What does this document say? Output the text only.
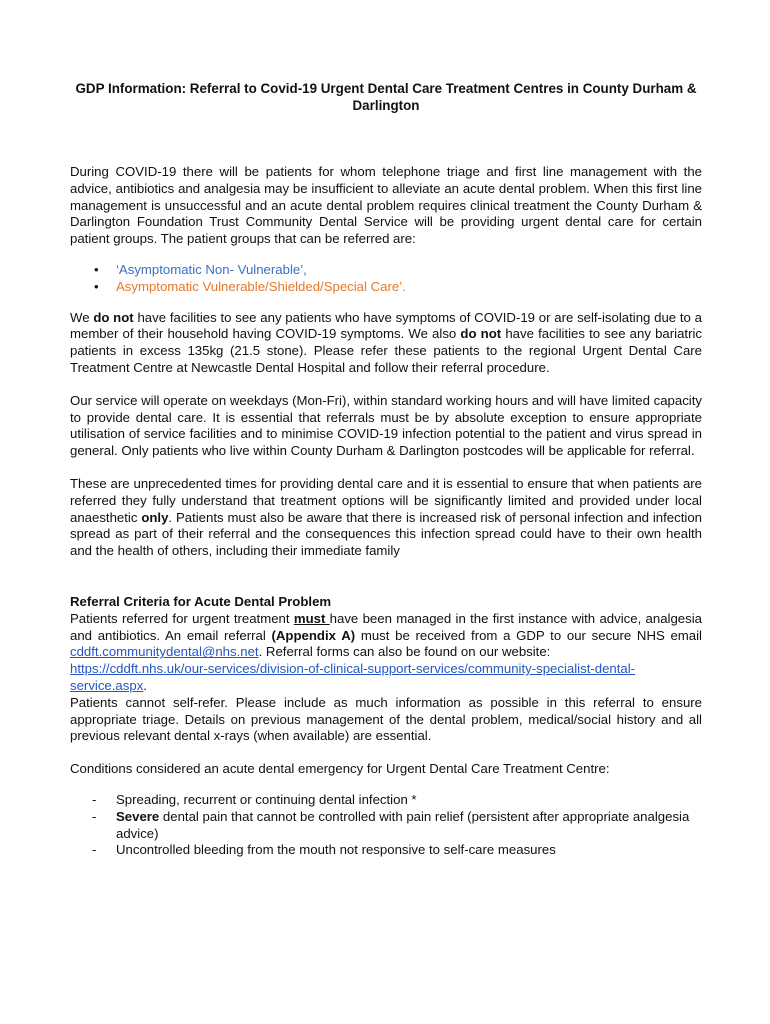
GDP Information: Referral to Covid-19 Urgent Dental Care Treatment Centres in County Durham & Darlington

During COVID-19 there will be patients for whom telephone triage and first line management with the advice, antibiotics and analgesia may be insufficient to alleviate an acute dental problem. When this first line management is unsuccessful and an acute dental problem requires clinical treatment the County Durham & Darlington Foundation Trust Community Dental Service will be providing urgent dental care for certain patient groups. The patient groups that can be referred are:

• ‘Asymptomatic Non- Vulnerable’,
• Asymptomatic Vulnerable/Shielded/Special Care’.

We do not have facilities to see any patients who have symptoms of COVID-19 or are self-isolating due to a member of their household having COVID-19 symptoms. We also do not have facilities to see any bariatric patients in excess 135kg (21.5 stone). Please refer these patients to the regional Urgent Dental Care Treatment Centre at Newcastle Dental Hospital and follow their referral procedure.

Our service will operate on weekdays (Mon-Fri), within standard working hours and will have limited capacity to provide dental care. It is essential that referrals must be by absolute exception to ensure appropriate utilisation of service facilities and to minimise COVID-19 infection potential to the patient and virus spread in general. Only patients who live within County Durham & Darlington postcodes will be applicable for referral.

These are unprecedented times for providing dental care and it is essential to ensure that when patients are referred they fully understand that treatment options will be significantly limited and provided under local anaesthetic only. Patients must also be aware that there is increased risk of personal infection and infection spread as part of their referral and the consequences this infection spread could have to their own health and the health of others, including their immediate family

Referral Criteria for Acute Dental Problem

Patients referred for urgent treatment must have been managed in the first instance with advice, analgesia and antibiotics. An email referral (Appendix A) must be received from a GDP to our secure NHS email cddft.communitydental@nhs.net. Referral forms can also be found on our website:

https://cddft.nhs.uk/our-services/division-of-clinical-support-services/community-specialist-dental-service.aspx.

Patients cannot self-refer. Please include as much information as possible in this referral to ensure appropriate triage. Details on previous management of the dental problem, medical/social history and all previous relevant dental x-rays (when available) are essential.

Conditions considered an acute dental emergency for Urgent Dental Care Treatment Centre:

- Spreading, recurrent or continuing dental infection *
- Severe dental pain that cannot be controlled with pain relief (persistent after appropriate analgesia advice)
- Uncontrolled bleeding from the mouth not responsive to self-care measures
